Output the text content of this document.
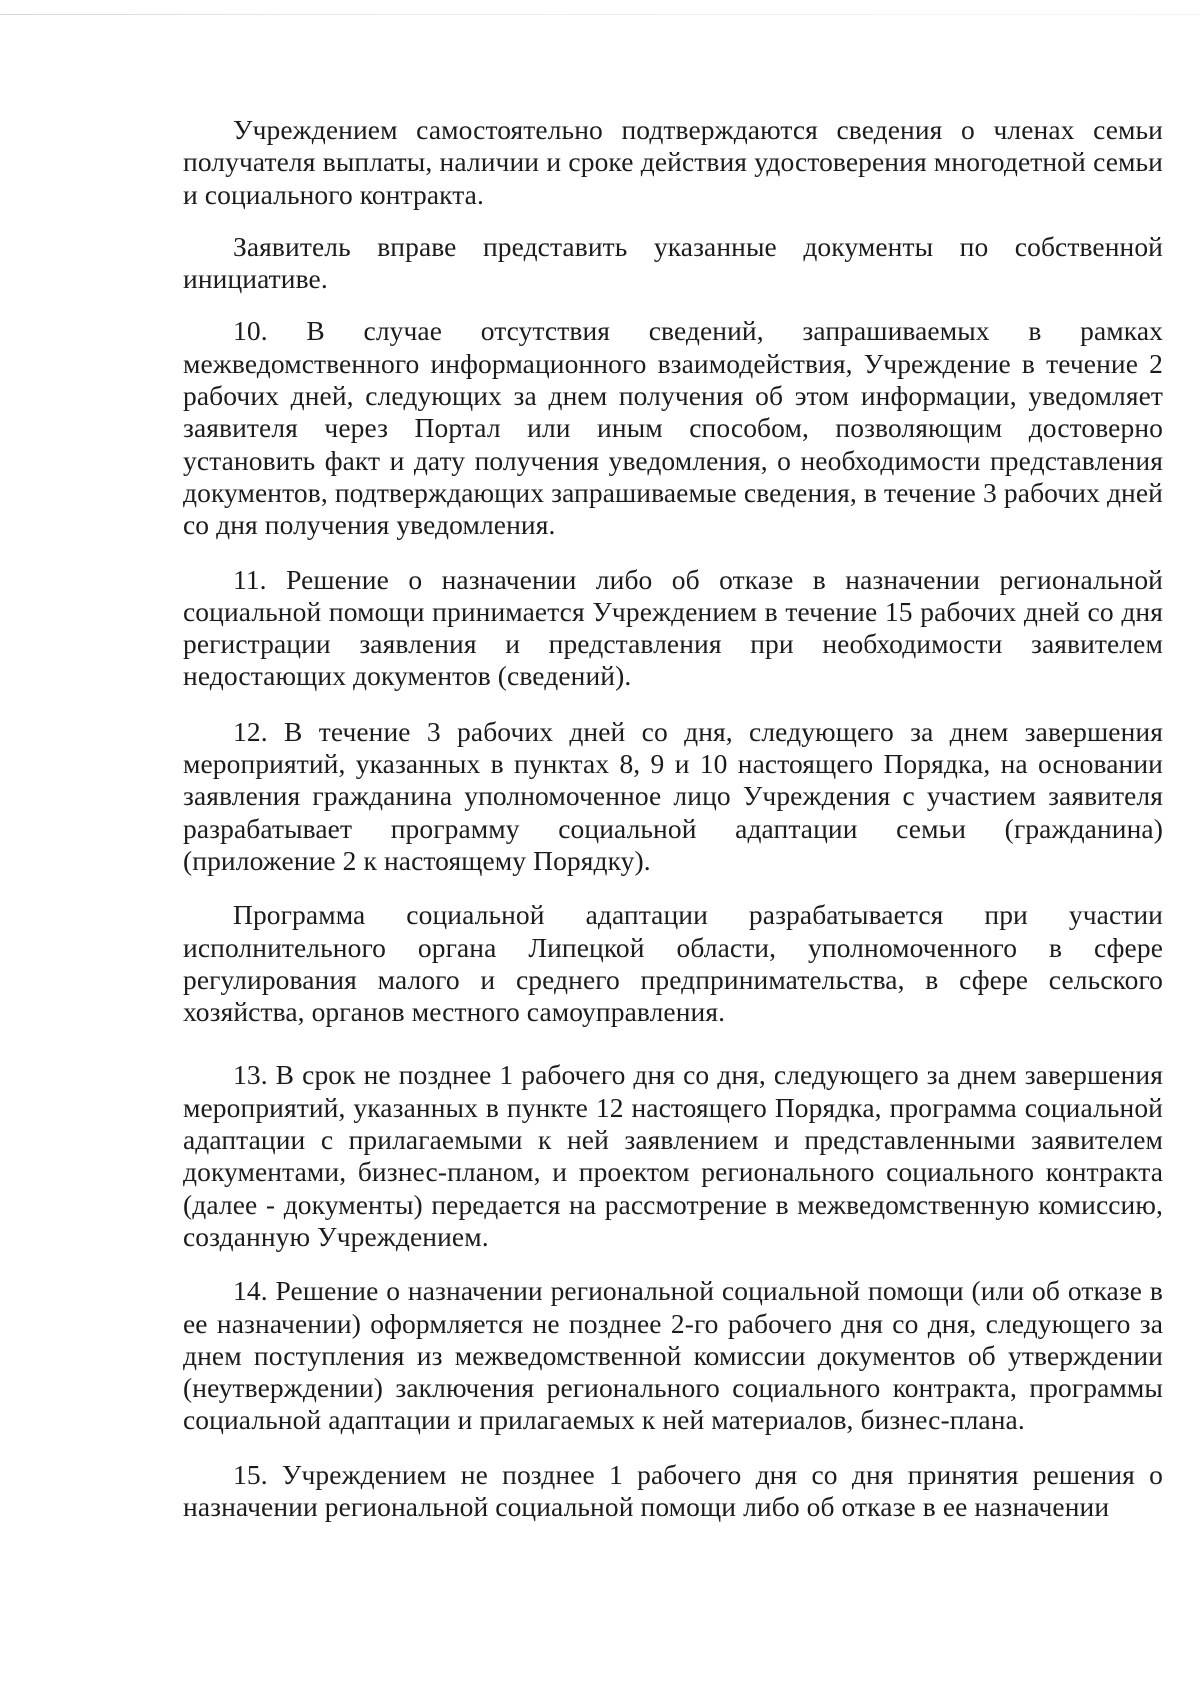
Учреждением самостоятельно подтверждаются сведения о членах семьи получателя выплаты, наличии и сроке действия удостоверения многодетной семьи и социального контракта.

Заявитель вправе представить указанные документы по собственной инициативе.

10. В случае отсутствия сведений, запрашиваемых в рамках межведомственного информационного взаимодействия, Учреждение в течение 2 рабочих дней, следующих за днем получения об этом информации, уведомляет заявителя через Портал или иным способом, позволяющим достоверно установить факт и дату получения уведомления, о необходимости представления документов, подтверждающих запрашиваемые сведения, в течение 3 рабочих дней со дня получения уведомления.

11. Решение о назначении либо об отказе в назначении региональной социальной помощи принимается Учреждением в течение 15 рабочих дней со дня регистрации заявления и представления при необходимости заявителем недостающих документов (сведений).

12. В течение 3 рабочих дней со дня, следующего за днем завершения мероприятий, указанных в пунктах 8, 9 и 10 настоящего Порядка, на основании заявления гражданина уполномоченное лицо Учреждения с участием заявителя разрабатывает программу социальной адаптации семьи (гражданина) (приложение 2 к настоящему Порядку).

Программа социальной адаптации разрабатывается при участии исполнительного органа Липецкой области, уполномоченного в сфере регулирования малого и среднего предпринимательства, в сфере сельского хозяйства, органов местного самоуправления.

13. В срок не позднее 1 рабочего дня со дня, следующего за днем завершения мероприятий, указанных в пункте 12 настоящего Порядка, программа социальной адаптации с прилагаемыми к ней заявлением и представленными заявителем документами, бизнес-планом, и проектом регионального социального контракта (далее - документы) передается на рассмотрение в межведомственную комиссию, созданную Учреждением.

14. Решение о назначении региональной социальной помощи (или об отказе в ее назначении) оформляется не позднее 2-го рабочего дня со дня, следующего за днем поступления из межведомственной комиссии документов об утверждении (неутверждении) заключения регионального социального контракта, программы социальной адаптации и прилагаемых к ней материалов, бизнес-плана.

15. Учреждением не позднее 1 рабочего дня со дня принятия решения о назначении региональной социальной помощи либо об отказе в ее назначении
